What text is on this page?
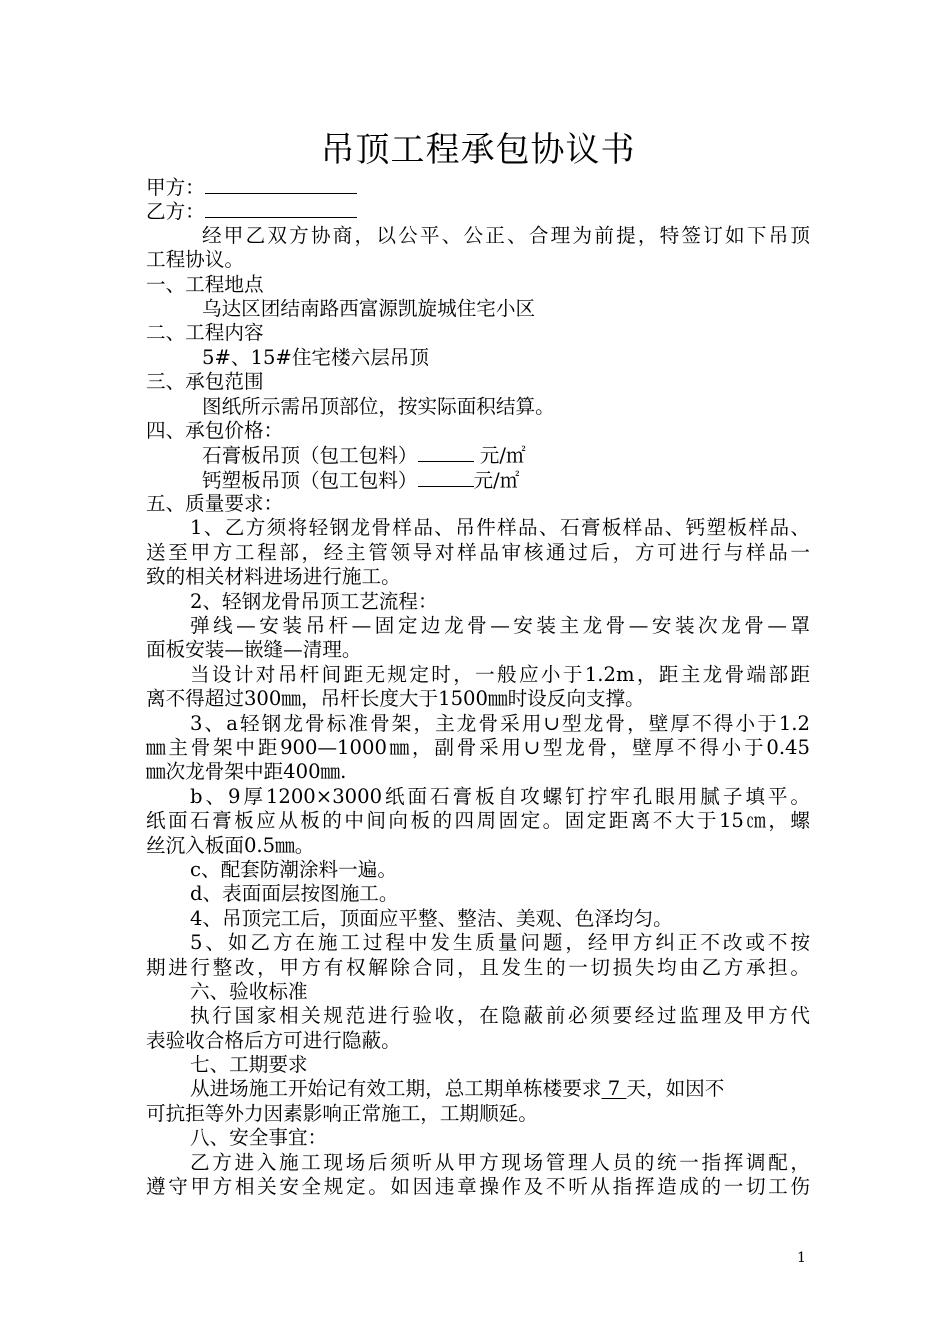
吊顶工程承包协议书
甲方：
乙方：
经甲乙双方协商，以公平、公正、合理为前提，特签订如下吊顶
工程协议。
一、工程地点
乌达区团结南路西富源凯旋城住宅小区
二、工程内容
5#、15#住宅楼六层吊顶
三、承包范围
图纸所示需吊顶部位，按实际面积结算。
四、承包价格：
石膏板吊顶（包工包料）	元/㎡
钙塑板吊顶（包工包料）	元/㎡
五、质量要求：
1、乙方须将轻钢龙骨样品、吊件样品、石膏板样品、钙塑板样品、
送至甲方工程部，经主管领导对样品审核通过后，方可进行与样品一
致的相关材料进场进行施工。
2、轻钢龙骨吊顶工艺流程：
弹线—安装吊杆—固定边龙骨—安装主龙骨—安装次龙骨—罩
面板安装—嵌缝—清理。
当设计对吊杆间距无规定时，一般应小于1.2m，距主龙骨端部距
离不得超过300㎜，吊杆长度大于1500㎜时设反向支撑。
3、a轻钢龙骨标准骨架，主龙骨采用∪型龙骨，壁厚不得小于1.2
㎜主骨架中距900—1000㎜，副骨采用∪型龙骨，壁厚不得小于0.45
㎜次龙骨架中距400㎜.
b、9厚1200×3000纸面石膏板自攻螺钉拧牢孔眼用腻子填平。
纸面石膏板应从板的中间向板的四周固定。固定距离不大于15㎝，螺
丝沉入板面0.5㎜。
c、配套防潮涂料一遍。
d、表面面层按图施工。
4、吊顶完工后，顶面应平整、整洁、美观、色泽均匀。
5、如乙方在施工过程中发生质量问题，经甲方纠正不改或不按
期进行整改，甲方有权解除合同，且发生的一切损失均由乙方承担。
六、验收标准
执行国家相关规范进行验收，在隐蔽前必须要经过监理及甲方代
表验收合格后方可进行隐蔽。
七、工期要求
从进场施工开始记有效工期，总工期单栋楼要求 7 天，如因不
可抗拒等外力因素影响正常施工，工期顺延。
八、安全事宜：
乙方进入施工现场后须听从甲方现场管理人员的统一指挥调配，
遵守甲方相关安全规定。如因违章操作及不听从指挥造成的一切工伤
1
